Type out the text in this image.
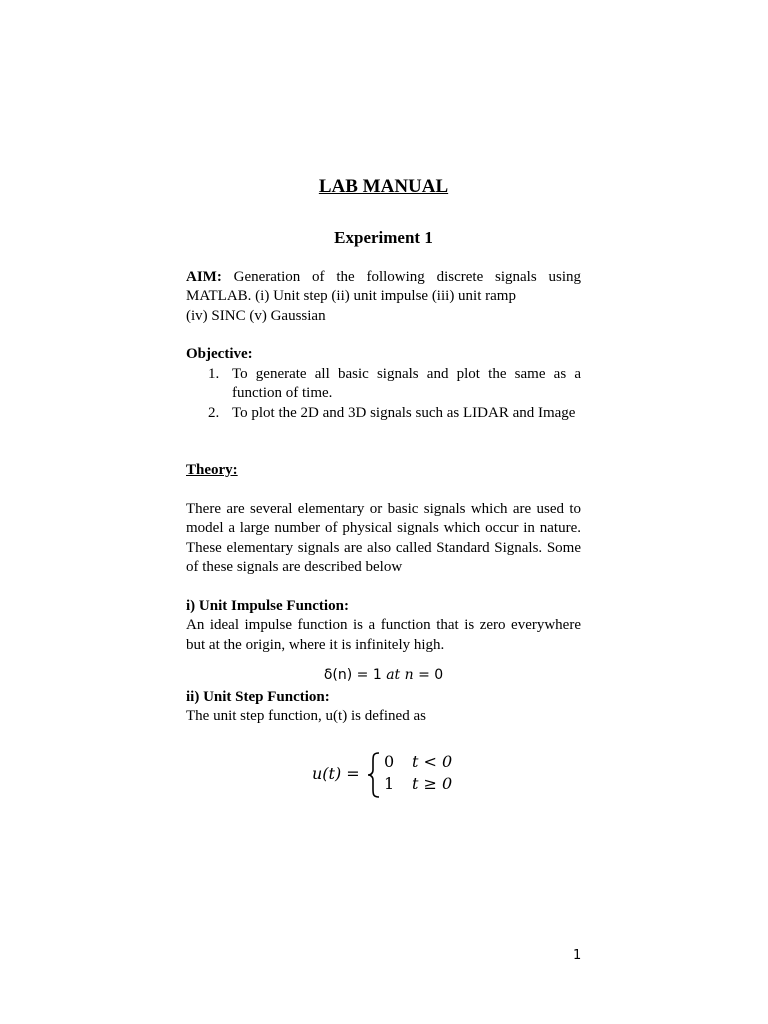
LAB MANUAL
Experiment 1
AIM: Generation of the following discrete signals using MATLAB. (i) Unit step (ii) unit impulse (iii) unit ramp
(iv) SINC (v) Gaussian
Objective:
1. To generate all basic signals and plot the same as a function of time.
2. To plot the 2D and 3D signals such as LIDAR and Image
Theory:
There are several elementary or basic signals which are used to model a large number of physical signals which occur in nature. These elementary signals are also called Standard Signals. Some of these signals are described below
i) Unit Impulse Function:
An ideal impulse function is a function that is zero everywhere but at the origin, where it is infinitely high.
δ(n) = 1 at n = 0
ii) Unit Step Function:
The unit step function, u(t) is defined as
u(t) =
0 t < 0
1 t ≥ 0
1
